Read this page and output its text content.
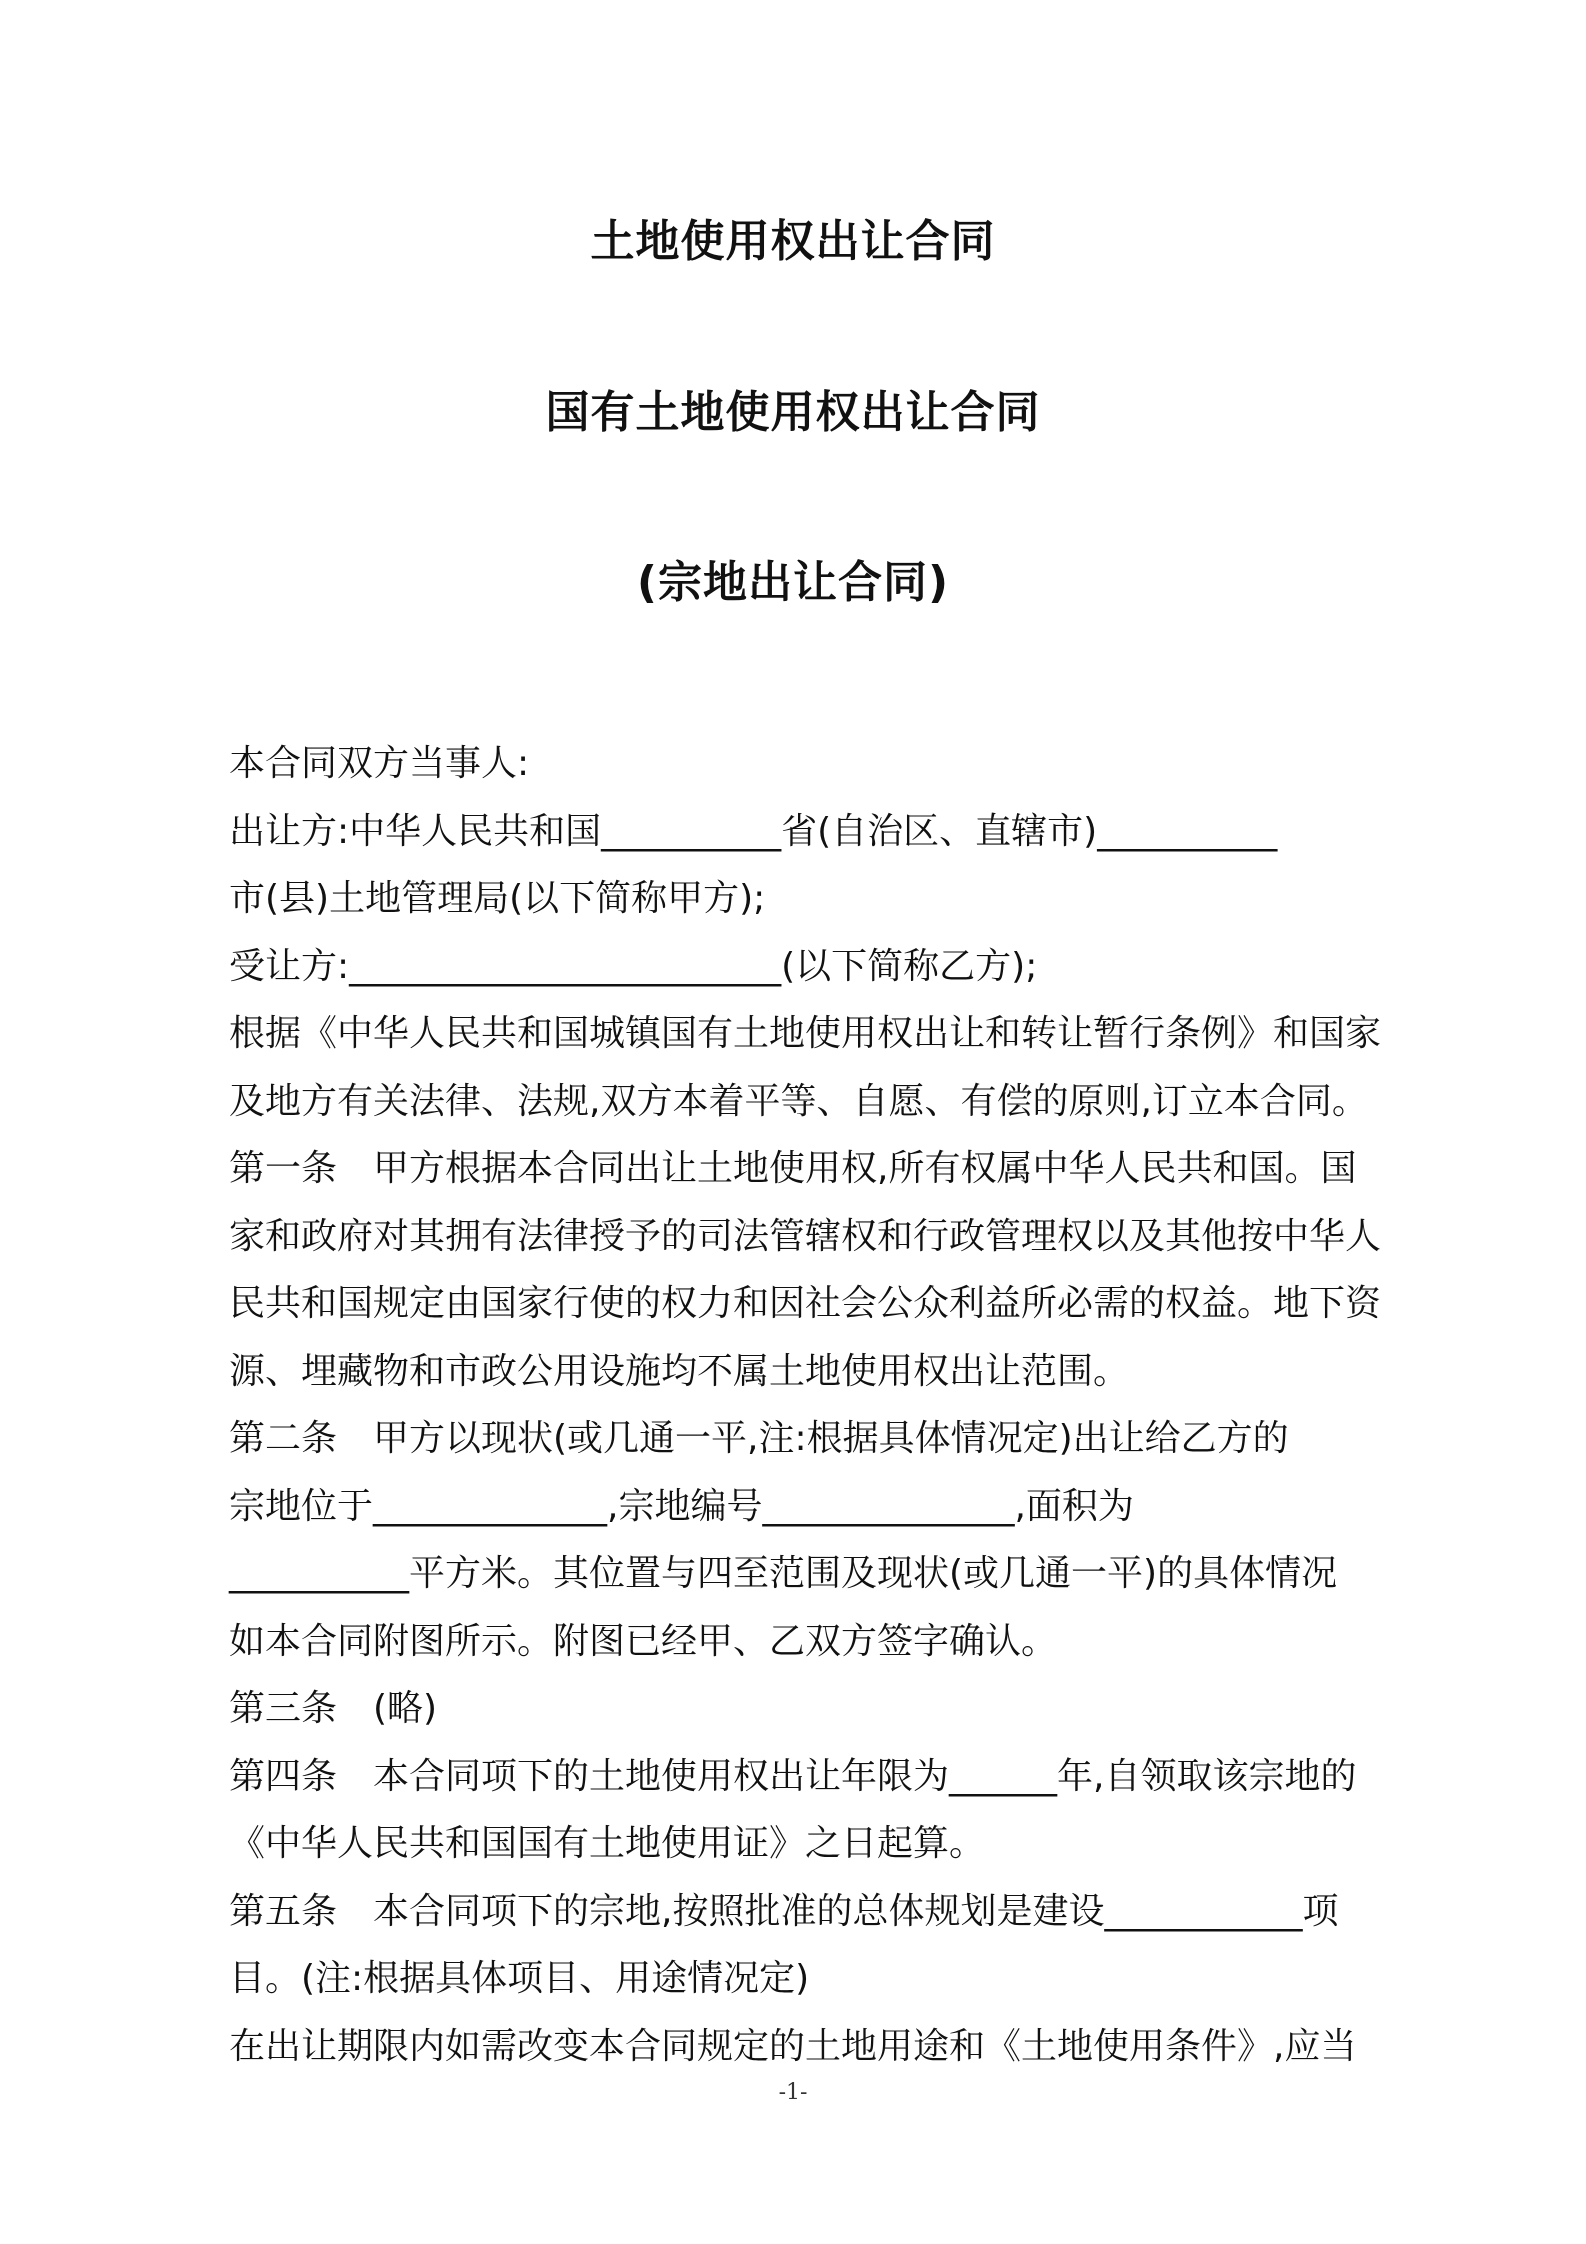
土地使用权出让合同
国有土地使用权出让合同
(宗地出让合同)
本合同双方当事人:
出让方:中华人民共和国__________省(自治区、直辖市)__________
市(县)土地管理局(以下简称甲方);
受让方:________________________(以下简称乙方);
根据《中华人民共和国城镇国有土地使用权出让和转让暂行条例》和国家
及地方有关法律、法规,双方本着平等、自愿、有偿的原则,订立本合同。
第一条　甲方根据本合同出让土地使用权,所有权属中华人民共和国。国
家和政府对其拥有法律授予的司法管辖权和行政管理权以及其他按中华人
民共和国规定由国家行使的权力和因社会公众利益所必需的权益。地下资
源、埋藏物和市政公用设施均不属土地使用权出让范围。
第二条　甲方以现状(或几通一平,注:根据具体情况定)出让给乙方的
宗地位于_____________,宗地编号______________,面积为
__________平方米。其位置与四至范围及现状(或几通一平)的具体情况
如本合同附图所示。附图已经甲、乙双方签字确认。
第三条　(略)
第四条　本合同项下的土地使用权出让年限为______年,自领取该宗地的
《中华人民共和国国有土地使用证》之日起算。
第五条　本合同项下的宗地,按照批准的总体规划是建设___________项
目。(注:根据具体项目、用途情况定)
在出让期限内如需改变本合同规定的土地用途和《土地使用条件》,应当
-1-
